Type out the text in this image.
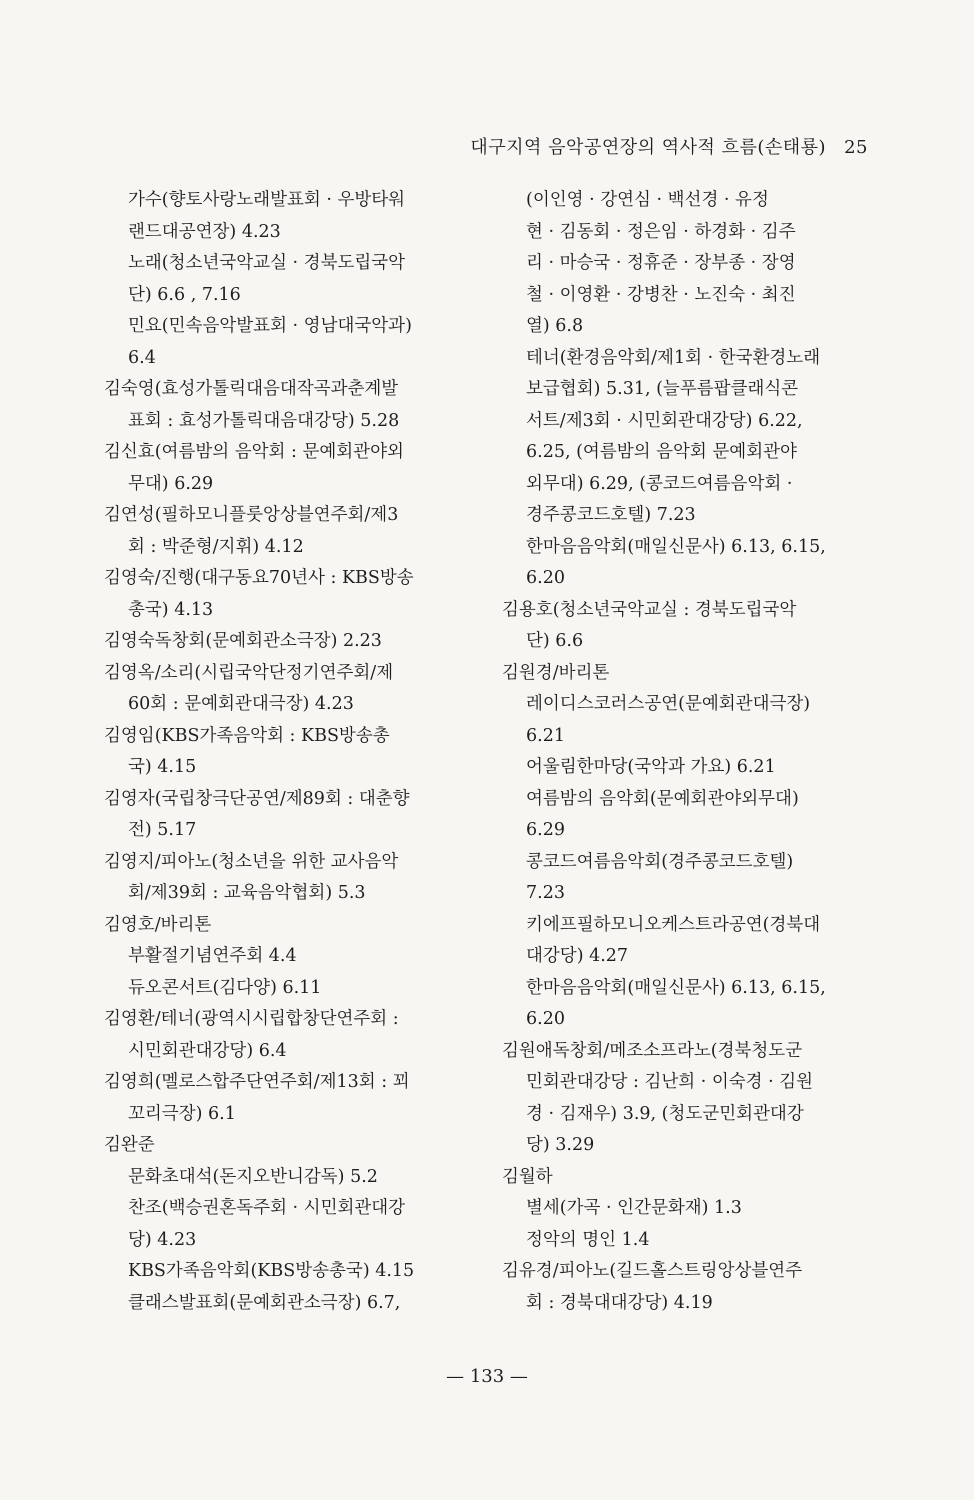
대구지역 음악공연장의 역사적 흐름(손태룡) 25
가수(향토사랑노래발표회 · 우방타워
랜드대공연장) 4.23
노래(청소년국악교실 · 경북도립국악
단) 6.6 , 7.16
민요(민속음악발표회 · 영남대국악과)
6.4
김숙영(효성가톨릭대음대작곡과춘계발
표회 : 효성가톨릭대음대강당) 5.28
김신효(여름밤의 음악회 : 문예회관야외
무대) 6.29
김연성(필하모니플룻앙상블연주회/제3
회 : 박준형/지휘) 4.12
김영숙/진행(대구동요70년사 : KBS방송
총국) 4.13
김영숙독창회(문예회관소극장) 2.23
김영옥/소리(시립국악단정기연주회/제
60회 : 문예회관대극장) 4.23
김영임(KBS가족음악회 : KBS방송총
국) 4.15
김영자(국립창극단공연/제89회 : 대춘향
전) 5.17
김영지/피아노(청소년을 위한 교사음악
회/제39회 : 교육음악협회) 5.3
김영호/바리톤
부활절기념연주회 4.4
듀오콘서트(김다양) 6.11
김영환/테너(광역시시립합창단연주회 :
시민회관대강당) 6.4
김영희(멜로스합주단연주회/제13회 : 꾀
꼬리극장) 6.1
김완준
문화초대석(돈지오반니감독) 5.2
찬조(백승권혼독주회 · 시민회관대강
당) 4.23
KBS가족음악회(KBS방송총국) 4.15
클래스발표회(문예회관소극장) 6.7,
(이인영 · 강연심 · 백선경 · 유정
현 · 김동회 · 정은임 · 하경화 · 김주
리 · 마승국 · 정휴준 · 장부종 · 장영
철 · 이영환 · 강병찬 · 노진숙 · 최진
열) 6.8
테너(환경음악회/제1회 · 한국환경노래
보급협회) 5.31, (늘푸름팝클래식콘
서트/제3회 · 시민회관대강당) 6.22,
6.25, (여름밤의 음악회 문예회관야
외무대) 6.29, (콩코드여름음악회 ·
경주콩코드호텔) 7.23
한마음음악회(매일신문사) 6.13, 6.15,
6.20
김용호(청소년국악교실 : 경북도립국악
단) 6.6
김원경/바리톤
레이디스코러스공연(문예회관대극장)
6.21
어울림한마당(국악과 가요) 6.21
여름밤의 음악회(문예회관야외무대)
6.29
콩코드여름음악회(경주콩코드호텔)
7.23
키에프필하모니오케스트라공연(경북대
대강당) 4.27
한마음음악회(매일신문사) 6.13, 6.15,
6.20
김원애독창회/메조소프라노(경북청도군
민회관대강당 : 김난희 · 이숙경 · 김원
경 · 김재우) 3.9, (청도군민회관대강
당) 3.29
김월하
별세(가곡 · 인간문화재) 1.3
정악의 명인 1.4
김유경/피아노(길드홀스트링앙상블연주
회 : 경북대대강당) 4.19
— 133 —
